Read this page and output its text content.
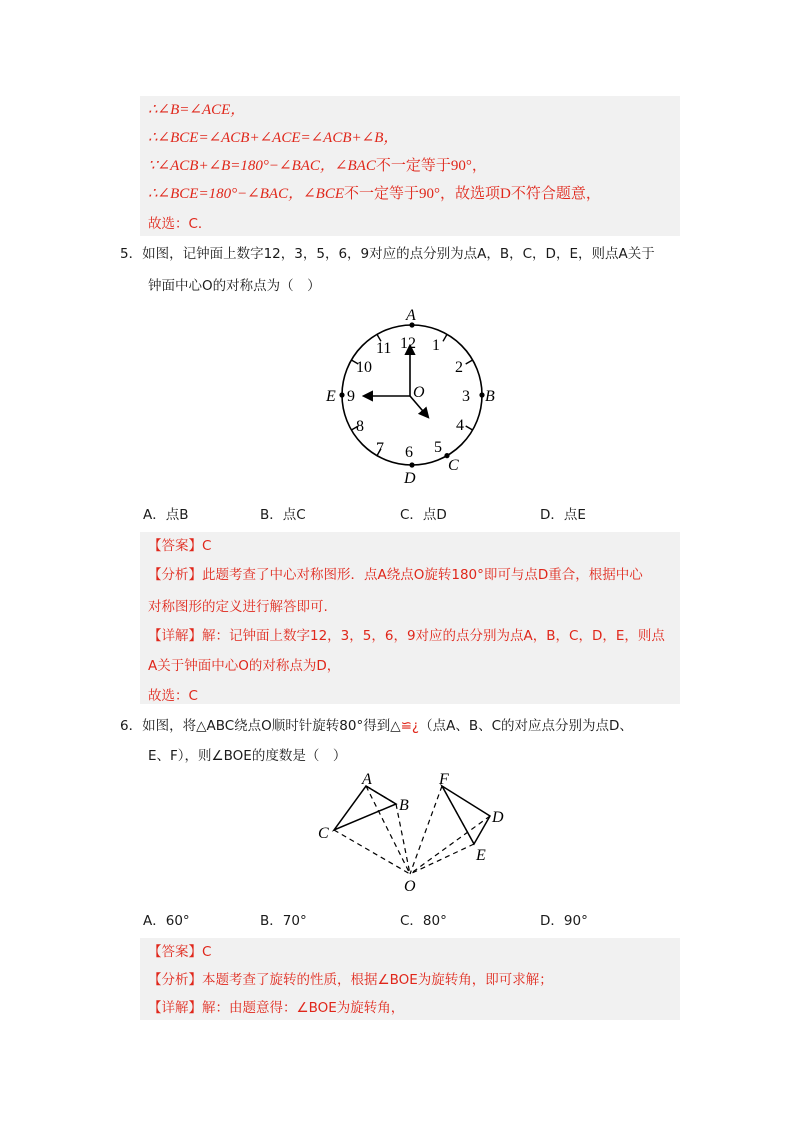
∴∠B=∠ACE，
∴∠BCE=∠ACB+∠ACE=∠ACB+∠B，
∵∠ACB+∠B=180°−∠BAC，∠BAC不一定等于90°，
∴∠BCE=180°−∠BAC，∠BCE不一定等于90°，故选项D不符合题意，
故选：C．
5．如图，记钟面上数字12，3，5，6，9对应的点分别为点A，B，C，D，E，则点A关于
钟面中心O的对称点为（　）
12 1
2
3
4
5
6
7
8
9
10
11
A
B
C
D
E	O
A．点B	B．点C	C．点D	D．点E
【答案】C
【分析】此题考查了中心对称图形．点A绕点O旋转180°即可与点D重合，根据中心
对称图形的定义进行解答即可.
【详解】解：记钟面上数字12，3，5，6，9对应的点分别为点A，B，C，D，E，则点
A关于钟面中心O的对称点为D，
故选：C
6．如图，将△ABC绕点O顺时针旋转80°得到△≌¿（点A、B、C的对应点分别为点D、
E、F），则∠BOE的度数是（　）
A
B
C
D
E
F
O
A．60°	B．70°	C．80°	D．90°
【答案】C
【分析】本题考查了旋转的性质，根据∠BOE为旋转角，即可求解；
【详解】解：由题意得：∠BOE为旋转角，
